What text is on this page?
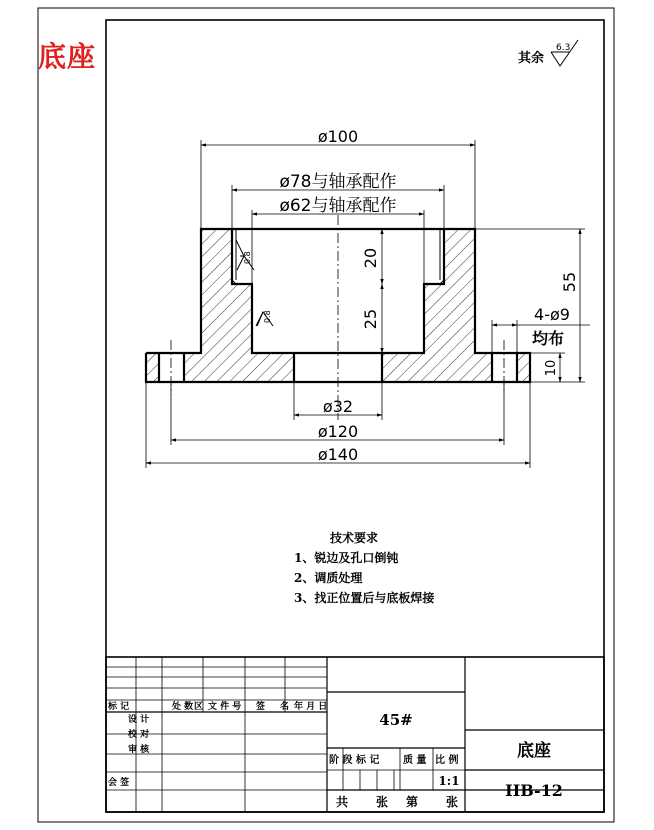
底座	其余
6.3
0.8
0.8
ø100
ø78与轴承配作
ø62与轴承配作
20
25
55
10
4-ø9
均布
ø32
ø120
ø140
标 记	处 数 区 文 件 号 签 名 年 月 日
设 计
校 对
审 核
会 签
45#
阶 段 标 记 质 量 比 例
1:1
共 张 第 张
底座
HB-12
技术要求
1、锐边及孔口倒钝
2、调质处理
3、找正位置后与底板焊接
